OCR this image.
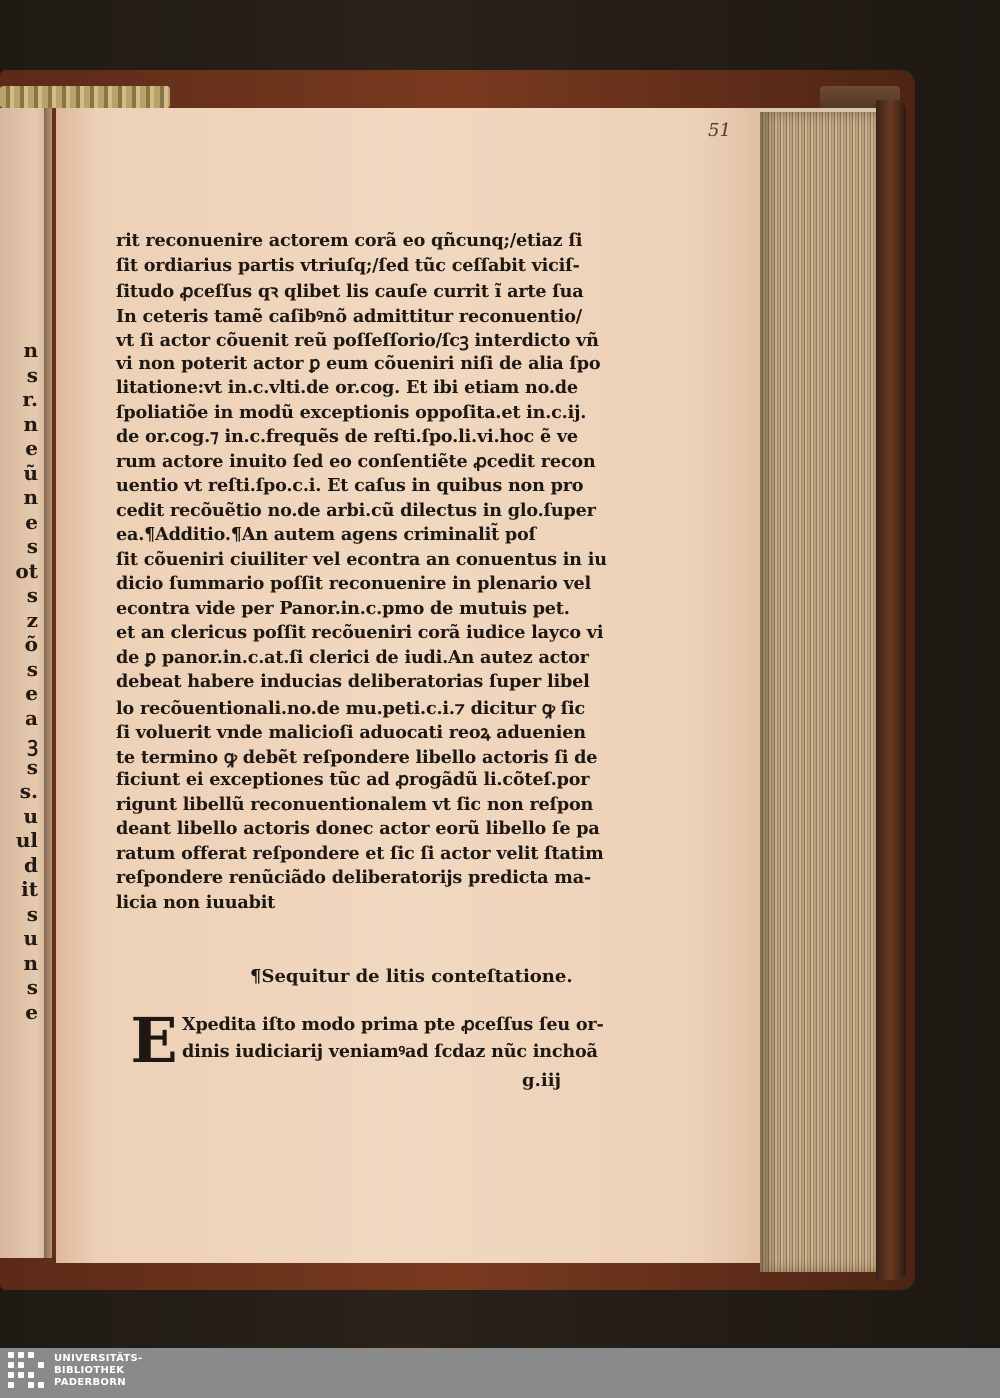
n
s
r.
n
e
ũ
n
e
s
ot
s
z
õ
s
e
a
ꝫ
s
s.
u
ul
d
it
s
u
n
s
e
51
rit reconuenire actorem corã eo qñcunq;/etiaz ſi
ſit ordiarius partis vtriuſq;/ſed tũc ceſſabit viciſ-
ſitudo ꝓceſſus qꝛ qlibet lis cauſe currit ĩ arte ſua
In ceteris tamẽ caſibꝰnõ admittitur reconuentio/
vt ſi actor cõuenit reũ poſſeſſorio/ſcꝫ interdicto vñ
vi non poterit actor ꝑ eum cõueniri niſi de alia ſpo
litatione:vt in.c.vlti.de or.cog. Et ibi etiam no.de
ſpoliatiõe in modũ exceptionis oppoſita.et in.c.ij.
de or.cog.⁊ in.c.frequẽs de reſti.ſpo.li.vi.hoc ẽ ve
rum actore inuito ſed eo conſentiẽte ꝓcedit recon
uentio vt reſti.ſpo.c.i. Et caſus in quibus non pro
cedit recõuẽtio no.de arbi.cũ dilectus in glo.ſuper
ea.¶Additio.¶An autem agens criminalit̃ poſ
ſit cõueniri ciuiliter vel econtra an conuentus in iu
dicio ſummario poſſit reconuenire in plenario vel
econtra vide per Panor.in.c.pmo de mutuis pet.
et an clericus poſſit recõueniri corã iudice layco vi
de ꝑ panor.in.c.at.ſi clerici de iudi.An autez actor
debeat habere inducias deliberatorias ſuper libel
lo recõuentionali.no.de mu.peti.c.i.⁊ dicitur ꝙ ſic
ſi voluerit vnde malicioſi aduocati reoꝝ aduenien
te termino ꝙ debẽt reſpondere libello actoris ſi de
ficiunt ei exceptiones tũc ad ꝓrogãdũ li.cõteſ.por
rigunt libellũ reconuentionalem vt ſic non reſpon
deant libello actoris donec actor eorũ libello ſe pa
ratum offerat reſpondere et ſic ſi actor velit ſtatim
reſpondere renũciãdo deliberatorijs predicta ma-
licia non iuuabit
¶Sequitur de litis conteſtatione.
E Xpedita iſto modo prima pte ꝓceſſus ſeu or-
dinis iudiciarij veniamꝰad ſcdaz nũc inchoã
g.iij
UNIVERSITÄTS-
BIBLIOTHEK
PADERBORN
